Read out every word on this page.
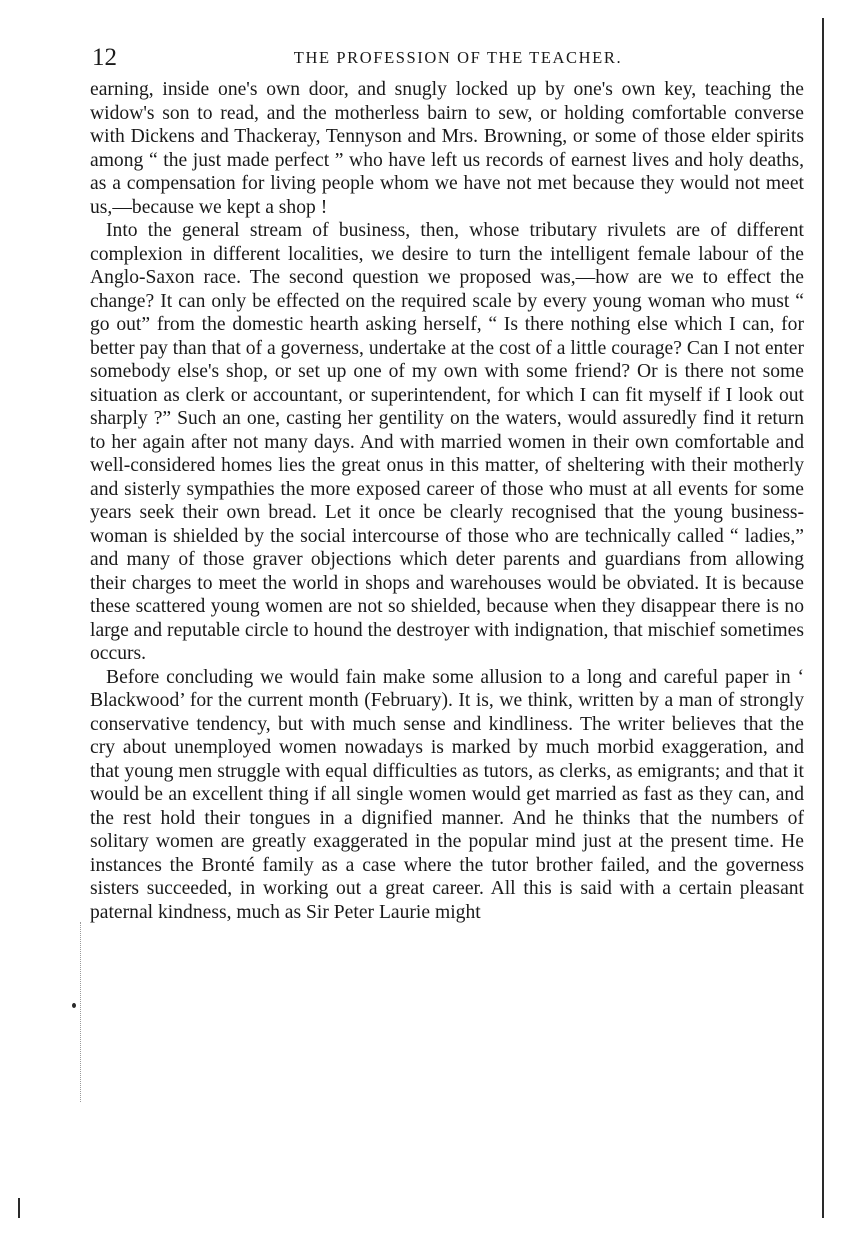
12	THE PROFESSION OF THE TEACHER.

earning, inside one's own door, and snugly locked up by one's own key, teaching the widow's son to read, and the motherless bairn to sew, or holding comfortable converse with Dickens and Thackeray, Tennyson and Mrs. Browning, or some of those elder spirits among “ the just made perfect ” who have left us records of earnest lives and holy deaths, as a compensation for living people whom we have not met because they would not meet us,—because we kept a shop !

Into the general stream of business, then, whose tributary rivulets are of different complexion in different localities, we desire to turn the intelligent female labour of the Anglo-Saxon race. The second question we proposed was,—how are we to effect the change? It can only be effected on the required scale by every young woman who must “ go out” from the domestic hearth asking herself, “ Is there nothing else which I can, for better pay than that of a governess, undertake at the cost of a little courage? Can I not enter somebody else's shop, or set up one of my own with some friend? Or is there not some situation as clerk or accountant, or superintendent, for which I can fit myself if I look out sharply ?” Such an one, casting her gentility on the waters, would assuredly find it return to her again after not many days. And with married women in their own comfortable and well-considered homes lies the great onus in this matter, of sheltering with their motherly and sisterly sympathies the more exposed career of those who must at all events for some years seek their own bread. Let it once be clearly recognised that the young business-woman is shielded by the social intercourse of those who are technically called “ ladies,” and many of those graver objections which deter parents and guardians from allowing their charges to meet the world in shops and warehouses would be obviated. It is because these scattered young women are not so shielded, because when they disappear there is no large and reputable circle to hound the destroyer with indignation, that mischief sometimes occurs.

Before concluding we would fain make some allusion to a long and careful paper in ‘ Blackwood’ for the current month (February). It is, we think, written by a man of strongly conservative tendency, but with much sense and kindliness. The writer believes that the cry about unemployed women nowadays is marked by much morbid exaggeration, and that young men struggle with equal difficulties as tutors, as clerks, as emigrants; and that it would be an excellent thing if all single women would get married as fast as they can, and the rest hold their tongues in a dignified manner. And he thinks that the numbers of solitary women are greatly exaggerated in the popular mind just at the present time. He instances the Bronté family as a case where the tutor brother failed, and the governess sisters succeeded, in working out a great career. All this is said with a certain pleasant paternal kindness, much as Sir Peter Laurie might
